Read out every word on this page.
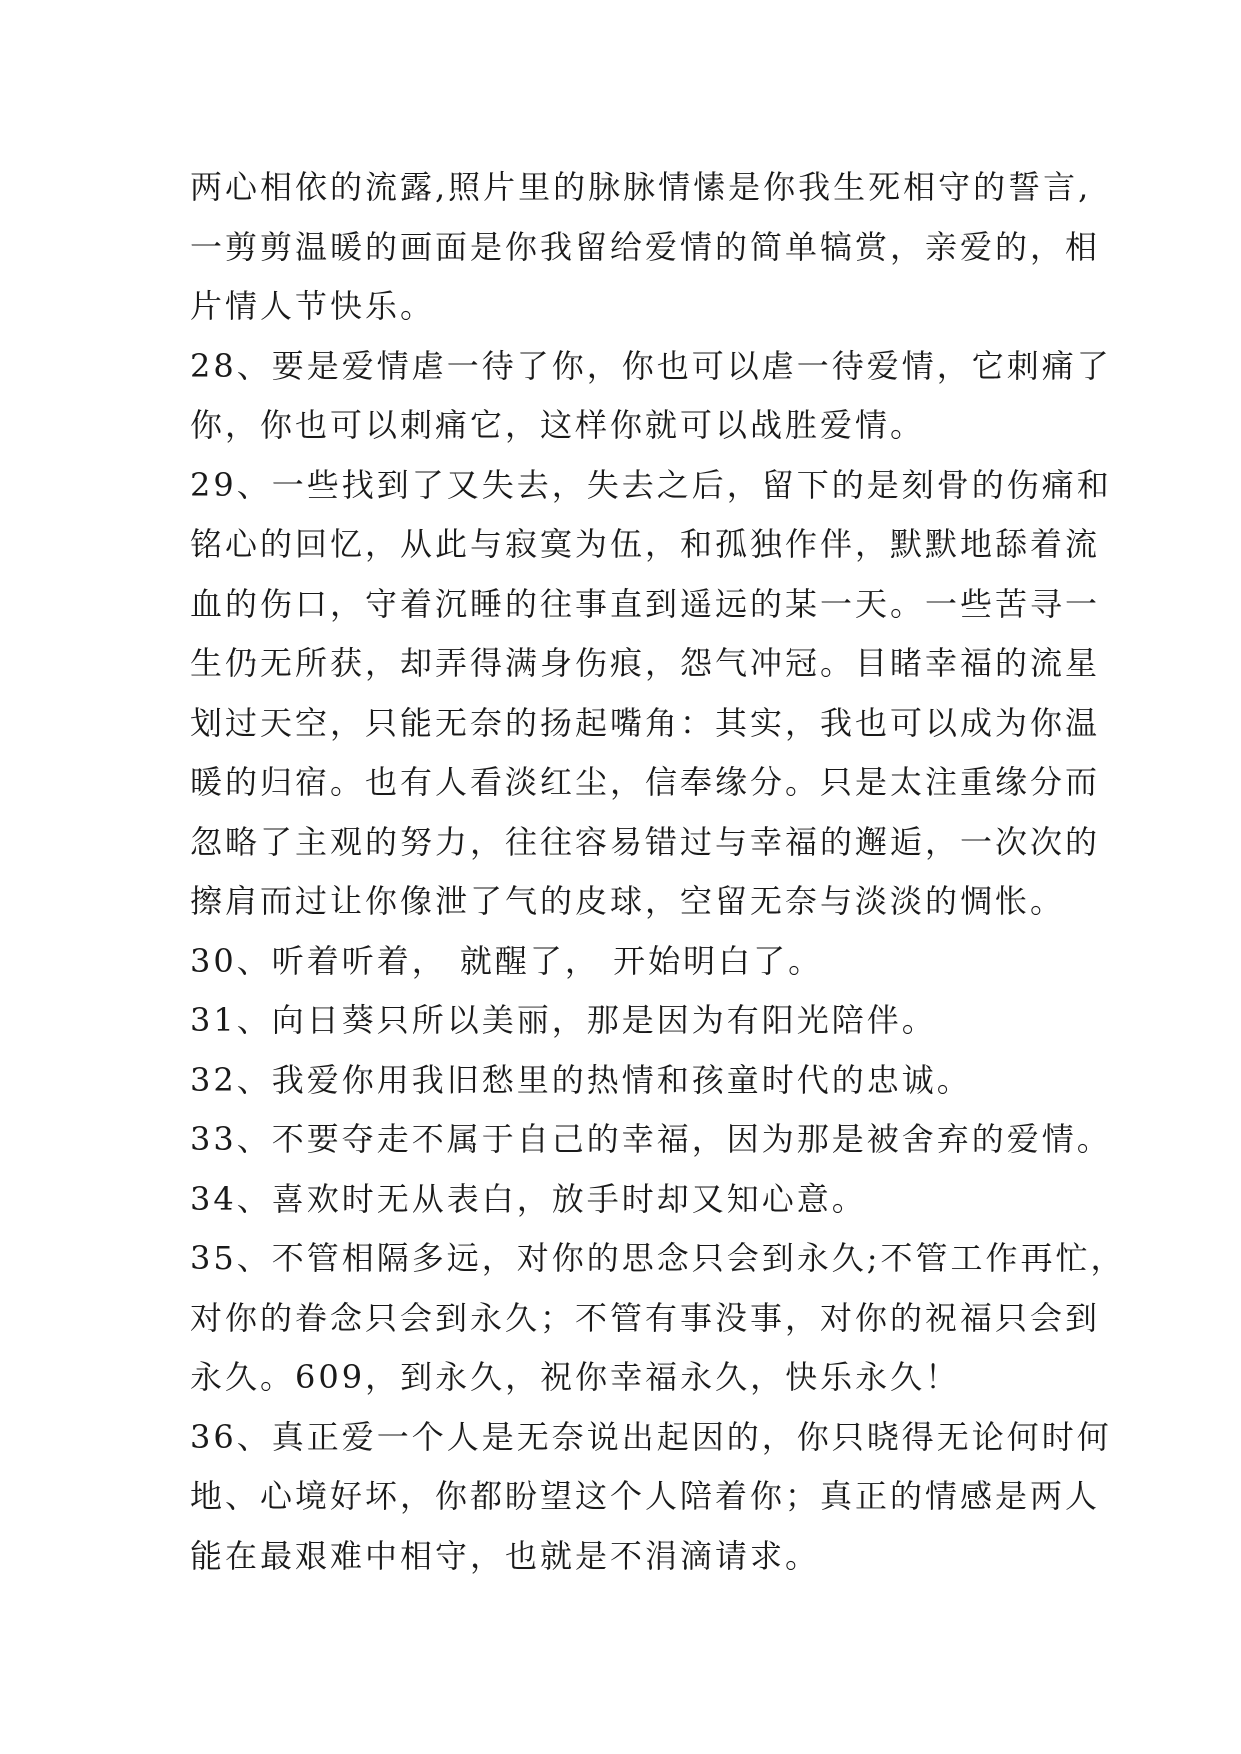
两心相依的流露,照片里的脉脉情愫是你我生死相守的誓言,
一剪剪温暖的画面是你我留给爱情的简单犒赏，亲爱的，相
片情人节快乐。
28、要是爱情虐一待了你，你也可以虐一待爱情，它刺痛了
你，你也可以刺痛它，这样你就可以战胜爱情。
29、一些找到了又失去，失去之后，留下的是刻骨的伤痛和
铭心的回忆，从此与寂寞为伍，和孤独作伴，默默地舔着流
血的伤口，守着沉睡的往事直到遥远的某一天。一些苦寻一
生仍无所获，却弄得满身伤痕，怨气冲冠。目睹幸福的流星
划过天空，只能无奈的扬起嘴角：其实，我也可以成为你温
暖的归宿。也有人看淡红尘，信奉缘分。只是太注重缘分而
忽略了主观的努力，往往容易错过与幸福的邂逅，一次次的
擦肩而过让你像泄了气的皮球，空留无奈与淡淡的惆怅。
30、听着听着， 就醒了， 开始明白了。
31、向日葵只所以美丽，那是因为有阳光陪伴。
32、我爱你用我旧愁里的热情和孩童时代的忠诚。
33、不要夺走不属于自己的幸福，因为那是被舍弃的爱情。
34、喜欢时无从表白，放手时却又知心意。
35、不管相隔多远，对你的思念只会到永久;不管工作再忙，
对你的眷念只会到永久；不管有事没事，对你的祝福只会到
永久。609，到永久，祝你幸福永久，快乐永久！
36、真正爱一个人是无奈说出起因的，你只晓得无论何时何
地、心境好坏，你都盼望这个人陪着你；真正的情感是两人
能在最艰难中相守，也就是不涓滴请求。
